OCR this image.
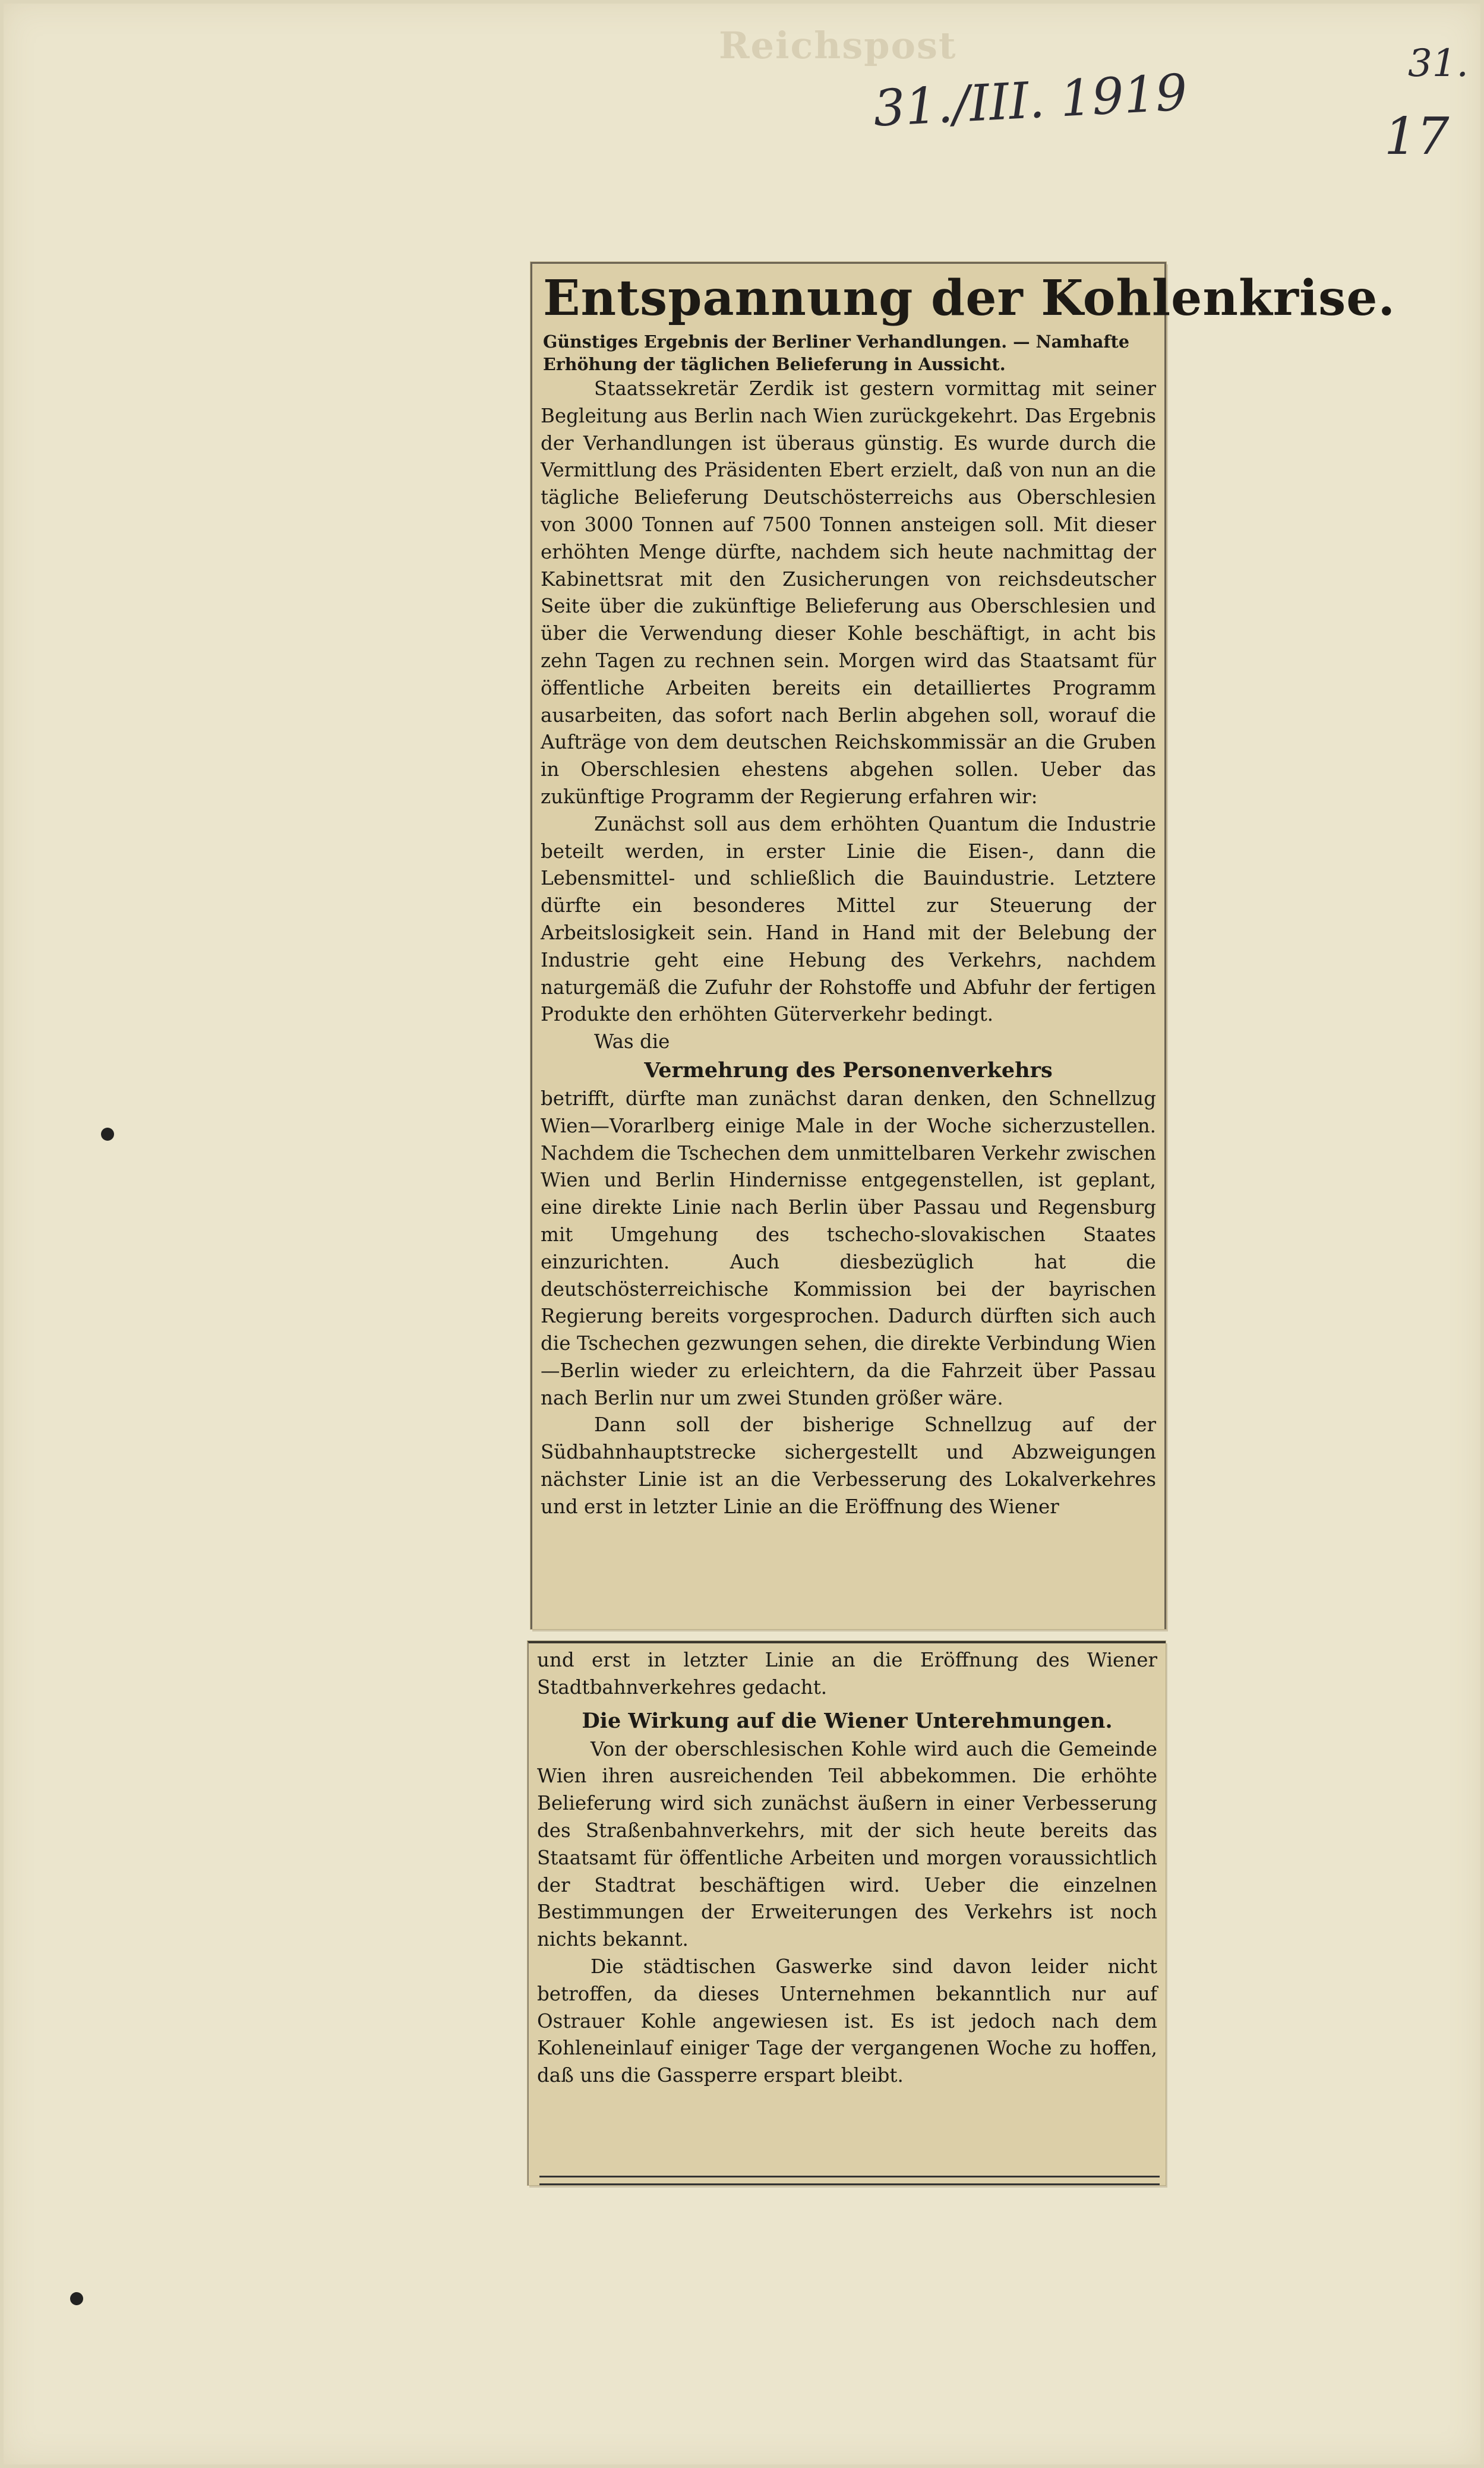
Reichspost
31./III. 1919	31.
17
Entspannung der Kohlenkrise.

Günstiges Ergebnis der Berliner Verhandlungen. — Namhafte Erhöhung der täglichen Belieferung in Aussicht.

Staatssekretär Zerdik ist gestern vormittag mit seiner Begleitung aus Berlin nach Wien zurückgekehrt. Das Ergebnis der Verhandlungen ist überaus günstig. Es wurde durch die Vermittlung des Präsidenten Ebert erzielt, daß von nun an die tägliche Belieferung Deutschösterreichs aus Oberschlesien von 3000 Tonnen auf 7500 Tonnen ansteigen soll. Mit dieser erhöhten Menge dürfte, nachdem sich heute nachmittag der Kabinettsrat mit den Zusicherungen von reichsdeutscher Seite über die zukünftige Belieferung aus Oberschlesien und über die Verwendung dieser Kohle beschäftigt, in acht bis zehn Tagen zu rechnen sein. Morgen wird das Staatsamt für öffentliche Arbeiten bereits ein detailliertes Programm ausarbeiten, das sofort nach Berlin abgehen soll, worauf die Aufträge von dem deutschen Reichskommissär an die Gruben in Oberschlesien ehestens abgehen sollen. Ueber das zukünftige Programm der Regierung erfahren wir:

Zunächst soll aus dem erhöhten Quantum die Industrie beteilt werden, in erster Linie die Eisen-, dann die Lebensmittel- und schließlich die Bauindustrie. Letztere dürfte ein besonderes Mittel zur Steuerung der Arbeitslosigkeit sein. Hand in Hand mit der Belebung der Industrie geht eine Hebung des Verkehrs, nachdem naturgemäß die Zufuhr der Rohstoffe und Abfuhr der fertigen Produkte den erhöhten Güterverkehr bedingt.

Was die

Vermehrung des Personenverkehrs

betrifft, dürfte man zunächst daran denken, den Schnellzug Wien—Vorarlberg einige Male in der Woche sicherzustellen. Nachdem die Tschechen dem unmittelbaren Verkehr zwischen Wien und Berlin Hindernisse entgegenstellen, ist geplant, eine direkte Linie nach Berlin über Passau und Regensburg mit Umgehung des tschecho-slovakischen Staates einzurichten. Auch diesbezüglich hat die deutschösterreichische Kommission bei der bayrischen Regierung bereits vorgesprochen. Dadurch dürften sich auch die Tschechen gezwungen sehen, die direkte Verbindung Wien—Berlin wieder zu erleichtern, da die Fahrzeit über Passau nach Berlin nur um zwei Stunden größer wäre.

Dann soll der bisherige Schnellzug auf der Südbahnhauptstrecke sichergestellt und Abzweigungen nächster Linie ist an die Verbesserung des Lokalverkehres und erst in letzter Linie an die Eröffnung des Wiener

und erst in letzter Linie an die Eröffnung des Wiener Stadtbahnverkehres gedacht.

Die Wirkung auf die Wiener Unterehmungen.

Von der oberschlesischen Kohle wird auch die Gemeinde Wien ihren ausreichenden Teil abbekommen. Die erhöhte Belieferung wird sich zunächst äußern in einer Verbesserung des Straßenbahnverkehrs, mit der sich heute bereits das Staatsamt für öffentliche Arbeiten und morgen voraussichtlich der Stadtrat beschäftigen wird. Ueber die einzelnen Bestimmungen der Erweiterungen des Verkehrs ist noch nichts bekannt.

Die städtischen Gaswerke sind davon leider nicht betroffen, da dieses Unternehmen bekanntlich nur auf Ostrauer Kohle angewiesen ist. Es ist jedoch nach dem Kohleneinlauf einiger Tage der vergangenen Woche zu hoffen, daß uns die Gassperre erspart bleibt.
